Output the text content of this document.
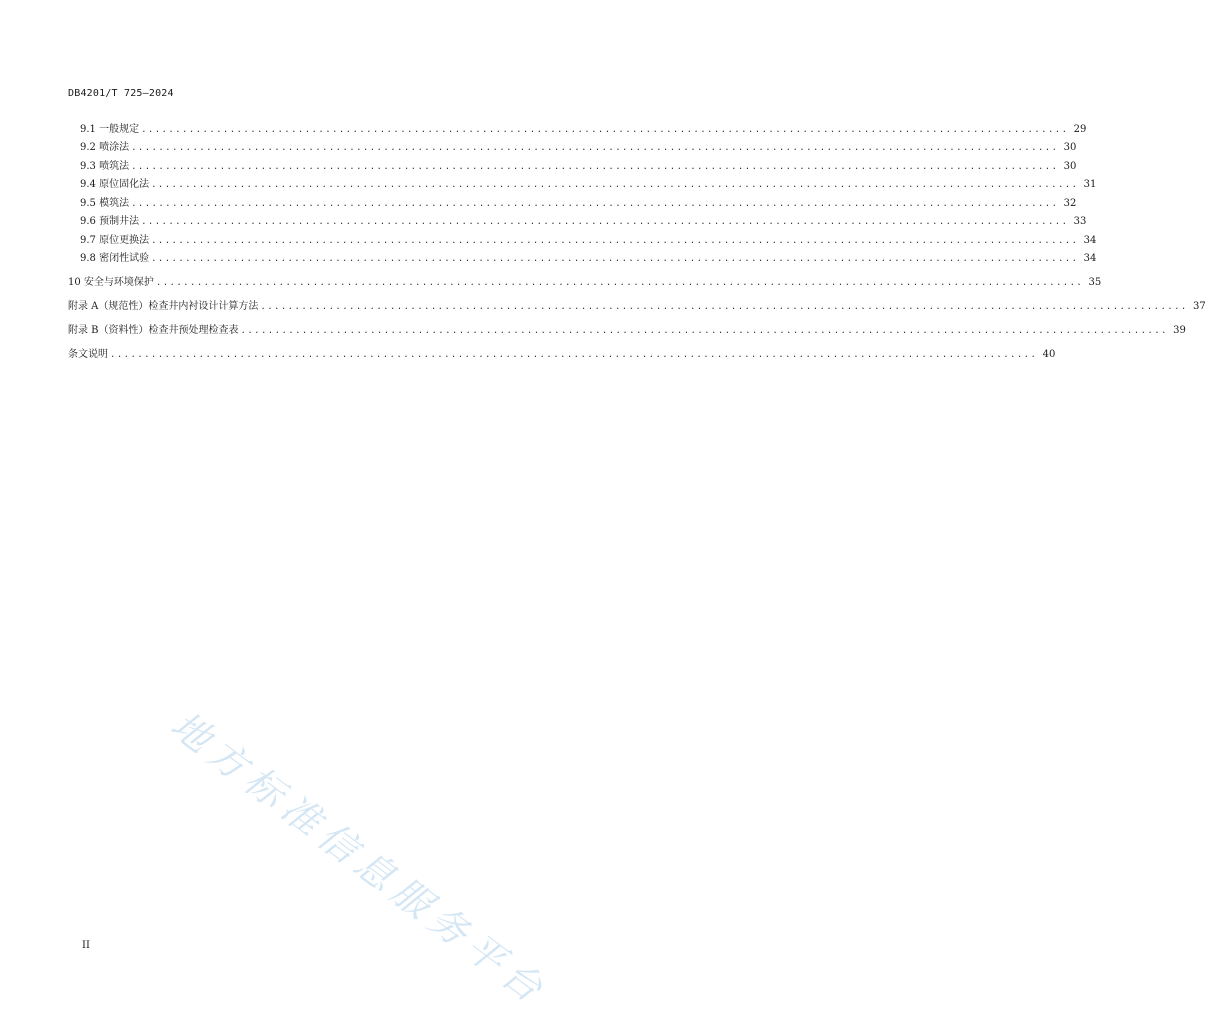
DB4201/T 725—2024
9.1
一般规定 ........................................................................................................................................ 29
9.2
喷涂法 ........................................................................................................................................ 30
9.3
喷筑法 ........................................................................................................................................ 30
9.4
原位固化法 ........................................................................................................................................ 31
9.5
模筑法 ........................................................................................................................................ 32
9.6
预制井法 ........................................................................................................................................ 33
9.7
原位更换法 ........................................................................................................................................ 34
9.8
密闭性试验 ........................................................................................................................................ 34
10 安全与环境保护 ........................................................................................................................................ 35
附录 A（规范性）检查井内衬设计计算方法 ........................................................................................................................................ 37
附录 B（资料性）检查井预处理检查表 ........................................................................................................................................ 39
条文说明 ........................................................................................................................................ 40
地方标准信息服务平台
II
